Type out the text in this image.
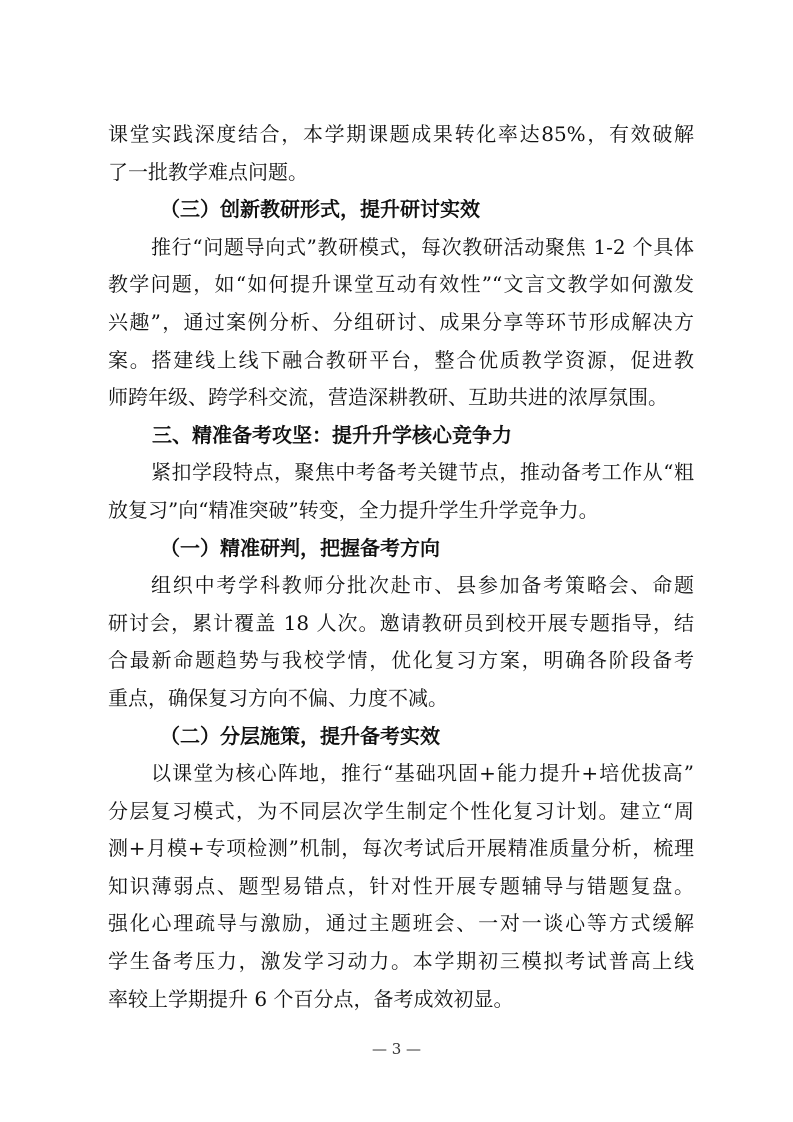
课堂实践深度结合，本学期课题成果转化率达85%，有效破解
了一批教学难点问题。
（三）创新教研形式，提升研讨实效
推行“问题导向式”教研模式，每次教研活动聚焦 1-2 个具体
教学问题，如“如何提升课堂互动有效性”“文言文教学如何激发
兴趣”，通过案例分析、分组研讨、成果分享等环节形成解决方
案。搭建线上线下融合教研平台，整合优质教学资源，促进教
师跨年级、跨学科交流，营造深耕教研、互助共进的浓厚氛围。
三、精准备考攻坚：提升升学核心竞争力
紧扣学段特点，聚焦中考备考关键节点，推动备考工作从“粗
放复习”向“精准突破”转变，全力提升学生升学竞争力。
（一）精准研判，把握备考方向
组织中考学科教师分批次赴市、县参加备考策略会、命题
研讨会，累计覆盖 18 人次。邀请教研员到校开展专题指导，结
合最新命题趋势与我校学情，优化复习方案，明确各阶段备考
重点，确保复习方向不偏、力度不减。
（二）分层施策，提升备考实效
以课堂为核心阵地，推行“基础巩固+能力提升+培优拔高”
分层复习模式，为不同层次学生制定个性化复习计划。建立“周
测+月模+专项检测”机制，每次考试后开展精准质量分析，梳理
知识薄弱点、题型易错点，针对性开展专题辅导与错题复盘。
强化心理疏导与激励，通过主题班会、一对一谈心等方式缓解
学生备考压力，激发学习动力。本学期初三模拟考试普高上线
率较上学期提升 6 个百分点，备考成效初显。
— 3 —
